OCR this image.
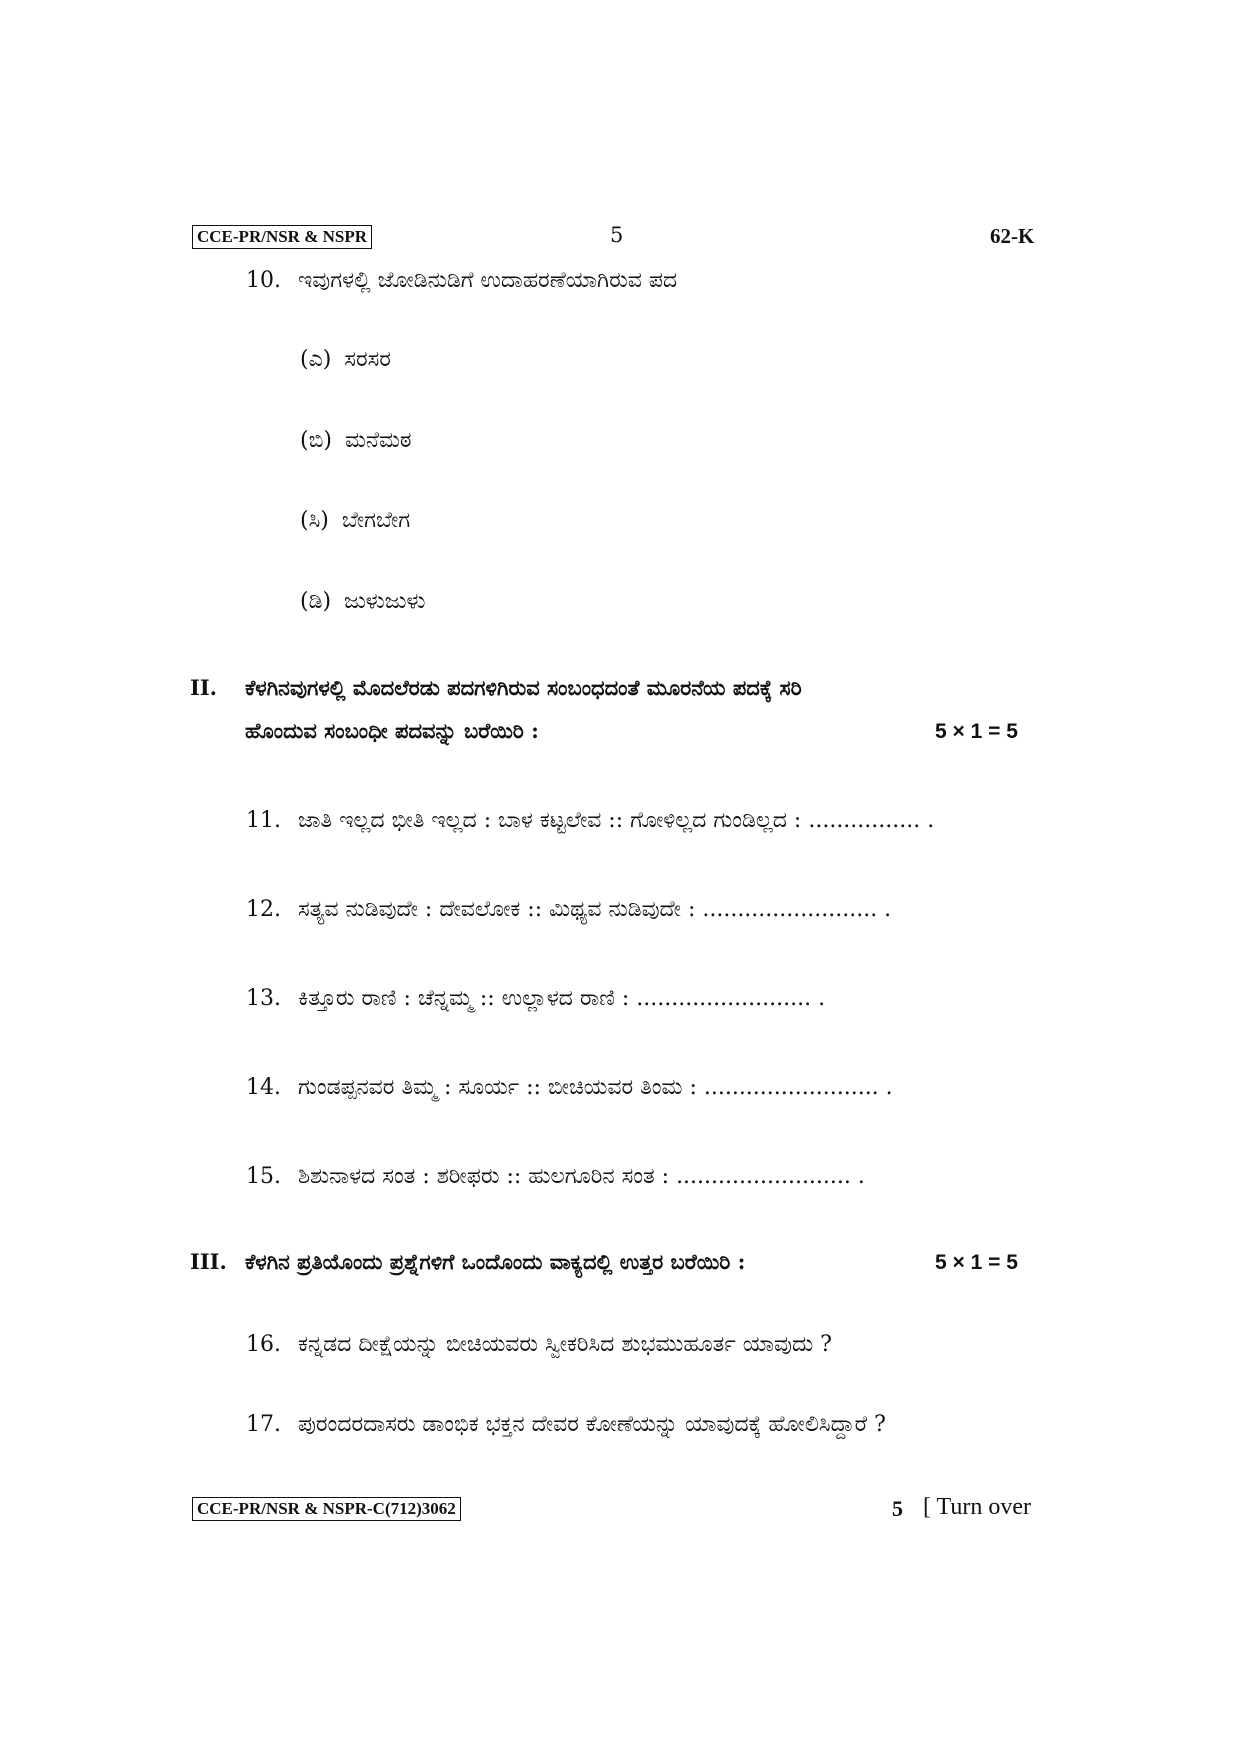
CCE-PR/NSR & NSPR	5	62-K
10. ಇವುಗಳಲ್ಲಿ ಜೋಡಿನುಡಿಗೆ ಉದಾಹರಣೆಯಾಗಿರುವ ಪದ
(ಎ) ಸರಸರ
(ಬಿ) ಮನೆಮಠ
(ಸಿ) ಬೇಗಬೇಗ
(ಡಿ) ಜುಳುಜುಳು
II. ಕೆಳಗಿನವುಗಳಲ್ಲಿ ಮೊದಲೆರಡು ಪದಗಳಿಗಿರುವ ಸಂಬಂಧದಂತೆ ಮೂರನೆಯ ಪದಕ್ಕೆ ಸರಿ
ಹೊಂದುವ ಸಂಬಂಧೀ ಪದವನ್ನು ಬರೆಯಿರಿ :	5 × 1 = 5
11. ಜಾತಿ ಇಲ್ಲದ ಭೀತಿ ಇಲ್ಲದ : ಬಾಳ ಕಟ್ಟಲೇವ :: ಗೋಳಿಲ್ಲದ ಗುಂಡಿಲ್ಲದ : ................ .
12. ಸತ್ಯವ ನುಡಿವುದೇ : ದೇವಲೋಕ :: ಮಿಥ್ಯವ ನುಡಿವುದೇ : ......................... .
13. ಕಿತ್ತೂರು ರಾಣಿ : ಚೆನ್ನಮ್ಮ :: ಉಲ್ಲಾಳದ ರಾಣಿ : ......................... .
14. ಗುಂಡಪ್ಪನವರ ತಿಮ್ಮ : ಸೂರ್ಯ :: ಬೀಚಿಯವರ ತಿಂಮ : ......................... .
15. ಶಿಶುನಾಳದ ಸಂತ : ಶರೀಫರು :: ಹುಲಗೂರಿನ ಸಂತ : ......................... .
III. ಕೆಳಗಿನ ಪ್ರತಿಯೊಂದು ಪ್ರಶ್ನೆಗಳಿಗೆ ಒಂದೊಂದು ವಾಕ್ಯದಲ್ಲಿ ಉತ್ತರ ಬರೆಯಿರಿ :	5 × 1 = 5
16. ಕನ್ನಡದ ದೀಕ್ಷೆಯನ್ನು ಬೀಚಿಯವರು ಸ್ವೀಕರಿಸಿದ ಶುಭಮುಹೂರ್ತ ಯಾವುದು ?
17. ಪುರಂದರದಾಸರು ಡಾಂಭಿಕ ಭಕ್ತನ ದೇವರ ಕೋಣೆಯನ್ನು ಯಾವುದಕ್ಕೆ ಹೋಲಿಸಿದ್ದಾರೆ ?
CCE-PR/NSR & NSPR-C(712)3062	5 [ Turn over
